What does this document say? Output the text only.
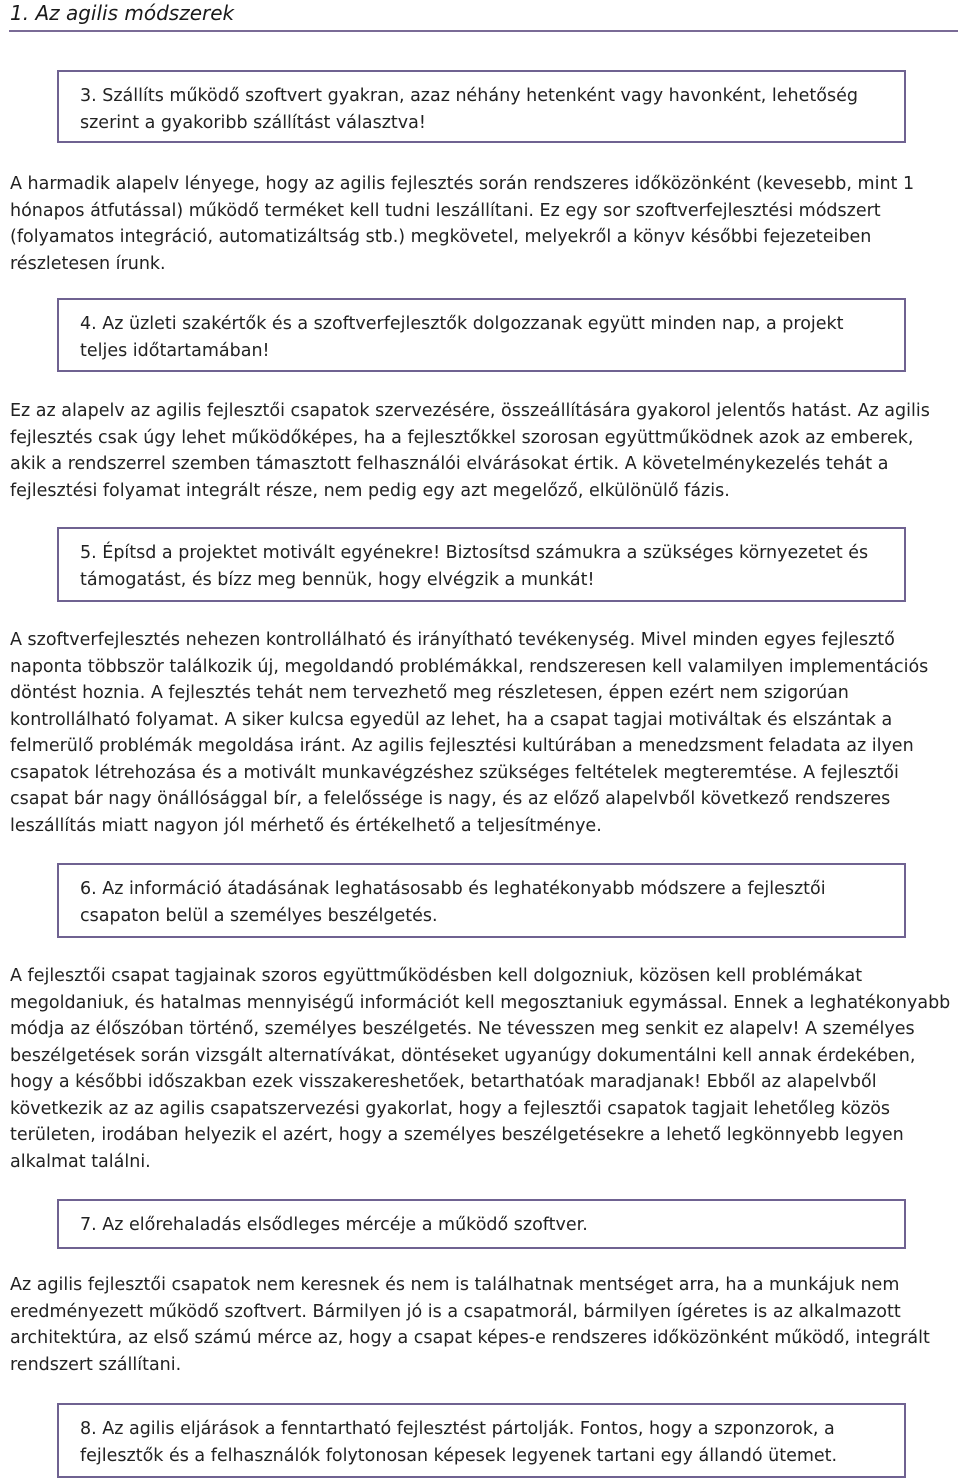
1. Az agilis módszerek
3. Szállíts működő szoftvert gyakran, azaz néhány hetenként vagy havonként, lehetőség szerint a gyakoribb szállítást választva!

A harmadik alapelv lényege, hogy az agilis fejlesztés során rendszeres időközönként (kevesebb, mint 1 hónapos átfutással) működő terméket kell tudni leszállítani. Ez egy sor szoftverfejlesztési módszert (folyamatos integráció, automatizáltság stb.) megkövetel, melyekről a könyv későbbi fejezeteiben részletesen írunk.

4. Az üzleti szakértők és a szoftverfejlesztők dolgozzanak együtt minden nap, a projekt teljes időtartamában!

Ez az alapelv az agilis fejlesztői csapatok szervezésére, összeállítására gyakorol jelentős hatást. Az agilis fejlesztés csak úgy lehet működőképes, ha a fejlesztőkkel szorosan együttműködnek azok az emberek, akik a rendszerrel szemben támasztott felhasználói elvárásokat értik. A követelménykezelés tehát a fejlesztési folyamat integrált része, nem pedig egy azt megelőző, elkülönülő fázis.

5. Építsd a projektet motivált egyénekre! Biztosítsd számukra a szükséges környezetet és támogatást, és bízz meg bennük, hogy elvégzik a munkát!

A szoftverfejlesztés nehezen kontrollálható és irányítható tevékenység. Mivel minden egyes fejlesztő naponta többször találkozik új, megoldandó problémákkal, rendszeresen kell valamilyen implementációs döntést hoznia. A fejlesztés tehát nem tervezhető meg részletesen, éppen ezért nem szigorúan kontrollálható folyamat. A siker kulcsa egyedül az lehet, ha a csapat tagjai motiváltak és elszántak a felmerülő problémák megoldása iránt. Az agilis fejlesztési kultúrában a menedzsment feladata az ilyen csapatok létrehozása és a motivált munkavégzéshez szükséges feltételek megteremtése. A fejlesztői csapat bár nagy önállósággal bír, a felelőssége is nagy, és az előző alapelvből következő rendszeres leszállítás miatt nagyon jól mérhető és értékelhető a teljesítménye.

6. Az információ átadásának leghatásosabb és leghatékonyabb módszere a fejlesztői csapaton belül a személyes beszélgetés.

A fejlesztői csapat tagjainak szoros együttműködésben kell dolgozniuk, közösen kell problémákat megoldaniuk, és hatalmas mennyiségű információt kell megosztaniuk egymással. Ennek a leghatékonyabb módja az élőszóban történő, személyes beszélgetés. Ne tévesszen meg senkit ez alapelv! A személyes beszélgetések során vizsgált alternatívákat, döntéseket ugyanúgy dokumentálni kell annak érdekében, hogy a későbbi időszakban ezek visszakereshetőek, betarthatóak maradjanak! Ebből az alapelvből következik az az agilis csapatszervezési gyakorlat, hogy a fejlesztői csapatok tagjait lehetőleg közös területen, irodában helyezik el azért, hogy a személyes beszélgetésekre a lehető legkönnyebb legyen alkalmat találni.

7. Az előrehaladás elsődleges mércéje a működő szoftver.

Az agilis fejlesztői csapatok nem keresnek és nem is találhatnak mentséget arra, ha a munkájuk nem eredményezett működő szoftvert. Bármilyen jó is a csapatmorál, bármilyen ígéretes is az alkalmazott architektúra, az első számú mérce az, hogy a csapat képes-e rendszeres időközönként működő, integrált rendszert szállítani.

8. Az agilis eljárások a fenntartható fejlesztést pártolják. Fontos, hogy a szponzorok, a fejlesztők és a felhasználók folytonosan képesek legyenek tartani egy állandó ütemet.
